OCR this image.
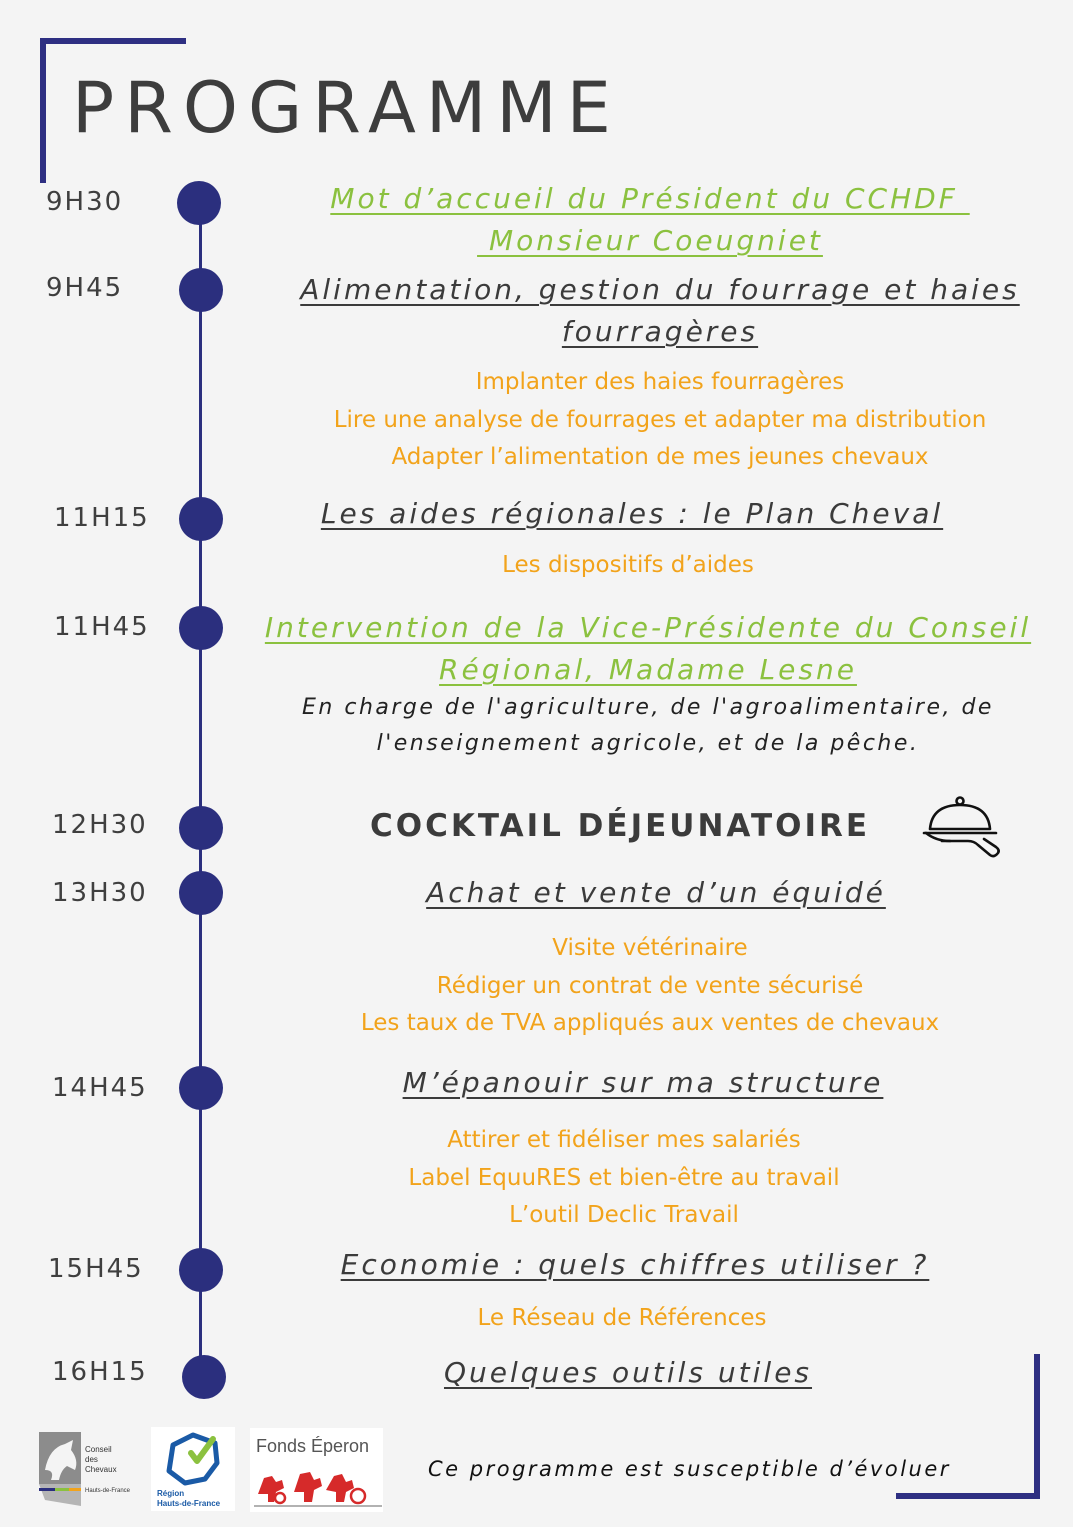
PROGRAMME
9H30
9H45
11H15
11H45
12H30
13H30
14H45
15H45
16H15
Mot d’accueil du Président du CCHDF
Monsieur Coeugniet
Alimentation, gestion du fourrage et haies
fourragères
Implanter des haies fourragères
Lire une analyse de fourrages et adapter ma distribution
Adapter l’alimentation de mes jeunes chevaux
Les aides régionales : le Plan Cheval
Les dispositifs d’aides
Intervention de la Vice-Présidente du Conseil
Régional, Madame Lesne
En charge de l'agriculture, de l'agroalimentaire, de
l'enseignement agricole, et de la pêche.
COCKTAIL DÉJEUNATOIRE
Achat et vente d’un équidé
Visite vétérinaire
Rédiger un contrat de vente sécurisé
Les taux de TVA appliqués aux ventes de chevaux
M’épanouir sur ma structure
Attirer et fidéliser mes salariés
Label EquuRES et bien-être au travail
L’outil Declic Travail
Economie : quels chiffres utiliser ?
Le Réseau de Références
Quelques outils utiles
Conseil
des
Chevaux
Hauts-de-France	Région
Hauts-de-France
Fonds Éperon
Ce programme est susceptible d’évoluer
